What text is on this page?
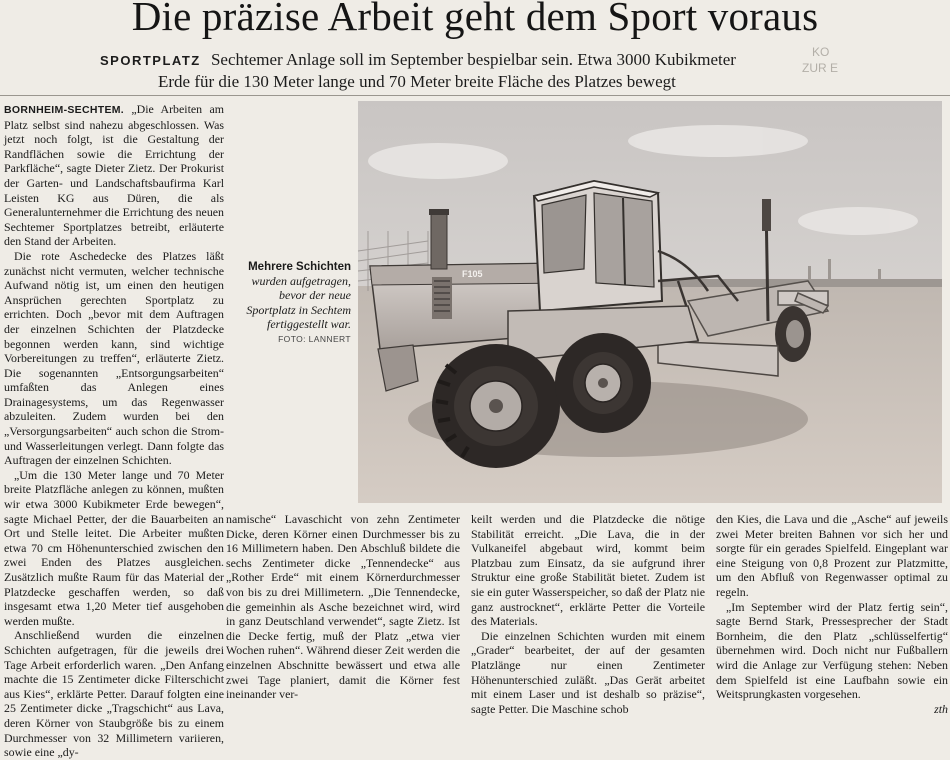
Die präzise Arbeit geht dem Sport voraus
SPORTPLATZ Sechtemer Anlage soll im September bespielbar sein. Etwa 3000 Kubikmeter
Erde für die 130 Meter lange und 70 Meter breite Fläche des Platzes bewegt
KO
ZUR E

BORNHEIM-SECHTEM. „Die Arbeiten am Platz selbst sind nahezu abgeschlossen. Was jetzt noch folgt, ist die Gestaltung der Randflächen sowie die Errichtung der Parkfläche“, sagte Dieter Zietz. Der Prokurist der Garten- und Landschaftsbaufirma Karl Leisten KG aus Düren, die als Generalunternehmer die Errichtung des neuen Sechtemer Sportplatzes betreibt, erläuterte den Stand der Arbeiten.

Die rote Aschedecke des Platzes läßt zunächst nicht vermuten, welcher technische Aufwand nötig ist, um einen den heutigen Ansprüchen gerechten Sportplatz zu errichten. Doch „bevor mit dem Auftragen der einzelnen Schichten der Platzdecke begonnen werden kann, sind wichtige Vorbereitungen zu treffen“, erläuterte Zietz. Die sogenannten „Entsorgungsarbeiten“ umfaßten das Anlegen eines Drainagesystems, um das Regenwasser abzuleiten. Zudem wurden bei den „Versorgungsarbeiten“ auch schon die Strom- und Wasserleitungen verlegt. Dann folgte das Auftragen der einzelnen Schichten.

„Um die 130 Meter lange und 70 Meter breite Platzfläche anlegen zu können, mußten wir etwa 3000 Kubikmeter Erde bewegen“, sagte Michael Petter, der die Bauarbeiten an Ort und Stelle leitet. Die Arbeiter mußten etwa 70 cm Höhenunterschied zwischen den zwei Enden des Platzes ausgleichen. Zusätzlich mußte Raum für das Material der Platzdecke geschaffen werden, so daß insgesamt etwa 1,20 Meter tief ausgehoben werden mußte.

Anschließend wurden die einzelnen Schichten aufgetragen, für die jeweils drei Tage Arbeit erforderlich waren. „Den Anfang machte die 15 Zentimeter dicke Filterschicht aus Kies“, erklärte Petter. Darauf folgten eine 25 Zentimeter dicke „Tragschicht“ aus Lava, deren Körner von Staubgröße bis zu einem Durchmesser von 32 Millimetern variieren, sowie eine „dy-

Mehrere Schichten
wurden aufgetragen, bevor der neue Sportplatz in Sechtem fertiggestellt war. FOTO: LANNERT
F105

namische“ Lavaschicht von zehn Zentimeter Dicke, deren Körner einen Durchmesser bis zu 16 Millimetern haben. Den Abschluß bildete die sechs Zentimeter dicke „Tennendecke“ aus „Rother Erde“ mit einem Körnerdurchmesser von bis zu drei Millimetern. „Die Tennendecke, die gemeinhin als Asche bezeichnet wird, wird in ganz Deutschland verwendet“, sagte Zietz. Ist die Decke fertig, muß der Platz „etwa vier Wochen ruhen“. Während dieser Zeit werden die einzelnen Abschnitte bewässert und etwa alle zwei Tage planiert, damit die Körner fest ineinander ver-

keilt werden und die Platzdecke die nötige Stabilität erreicht. „Die Lava, die in der Vulkaneifel abgebaut wird, kommt beim Platzbau zum Einsatz, da sie aufgrund ihrer Struktur eine große Stabilität bietet. Zudem ist sie ein guter Wasserspeicher, so daß der Platz nie ganz austrocknet“, erklärte Petter die Vorteile des Materials.

Die einzelnen Schichten wurden mit einem „Grader“ bearbeitet, der auf der gesamten Platzlänge nur einen Zentimeter Höhenunterschied zuläßt. „Das Gerät arbeitet mit einem Laser und ist deshalb so präzise“, sagte Petter. Die Maschine schob

den Kies, die Lava und die „Asche“ auf jeweils zwei Meter breiten Bahnen vor sich her und sorgte für ein gerades Spielfeld. Eingeplant war eine Steigung von 0,8 Prozent zur Platzmitte, um den Abfluß von Regenwasser optimal zu regeln.

„Im September wird der Platz fertig sein“, sagte Bernd Stark, Pressesprecher der Stadt Bornheim, die den Platz „schlüsselfertig“ übernehmen wird. Doch nicht nur Fußballern wird die Anlage zur Verfügung stehen: Neben dem Spielfeld ist eine Laufbahn sowie ein Weitsprungkasten vorgesehen.

zth
